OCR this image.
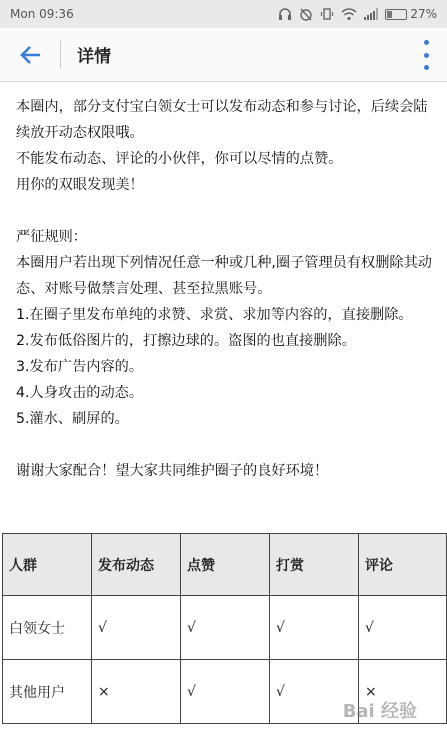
Mon 09:36	27%
详情

本圈内，部分支付宝白领女士可以发布动态和参与讨论，后续会陆续放开动态权限哦。

不能发布动态、评论的小伙伴，你可以尽情的点赞。

用你的双眼发现美！

严征规则：

本圈用户若出现下列情况任意一种或几种,圈子管理员有权删除其动态、对账号做禁言处理、甚至拉黑账号。

1.在圈子里发布单纯的求赞、求赏、求加等内容的，直接删除。

2.发布低俗图片的，打擦边球的。盗图的也直接删除。

3.发布广告内容的。

4.人身攻击的动态。

5.灌水、刷屏的。

谢谢大家配合！望大家共同维护圈子的良好环境！

人群	发布动态	点赞	打赏	评论
白领女士	√	√	√	√
其他用户	×	√	√	×
Bai 经验
